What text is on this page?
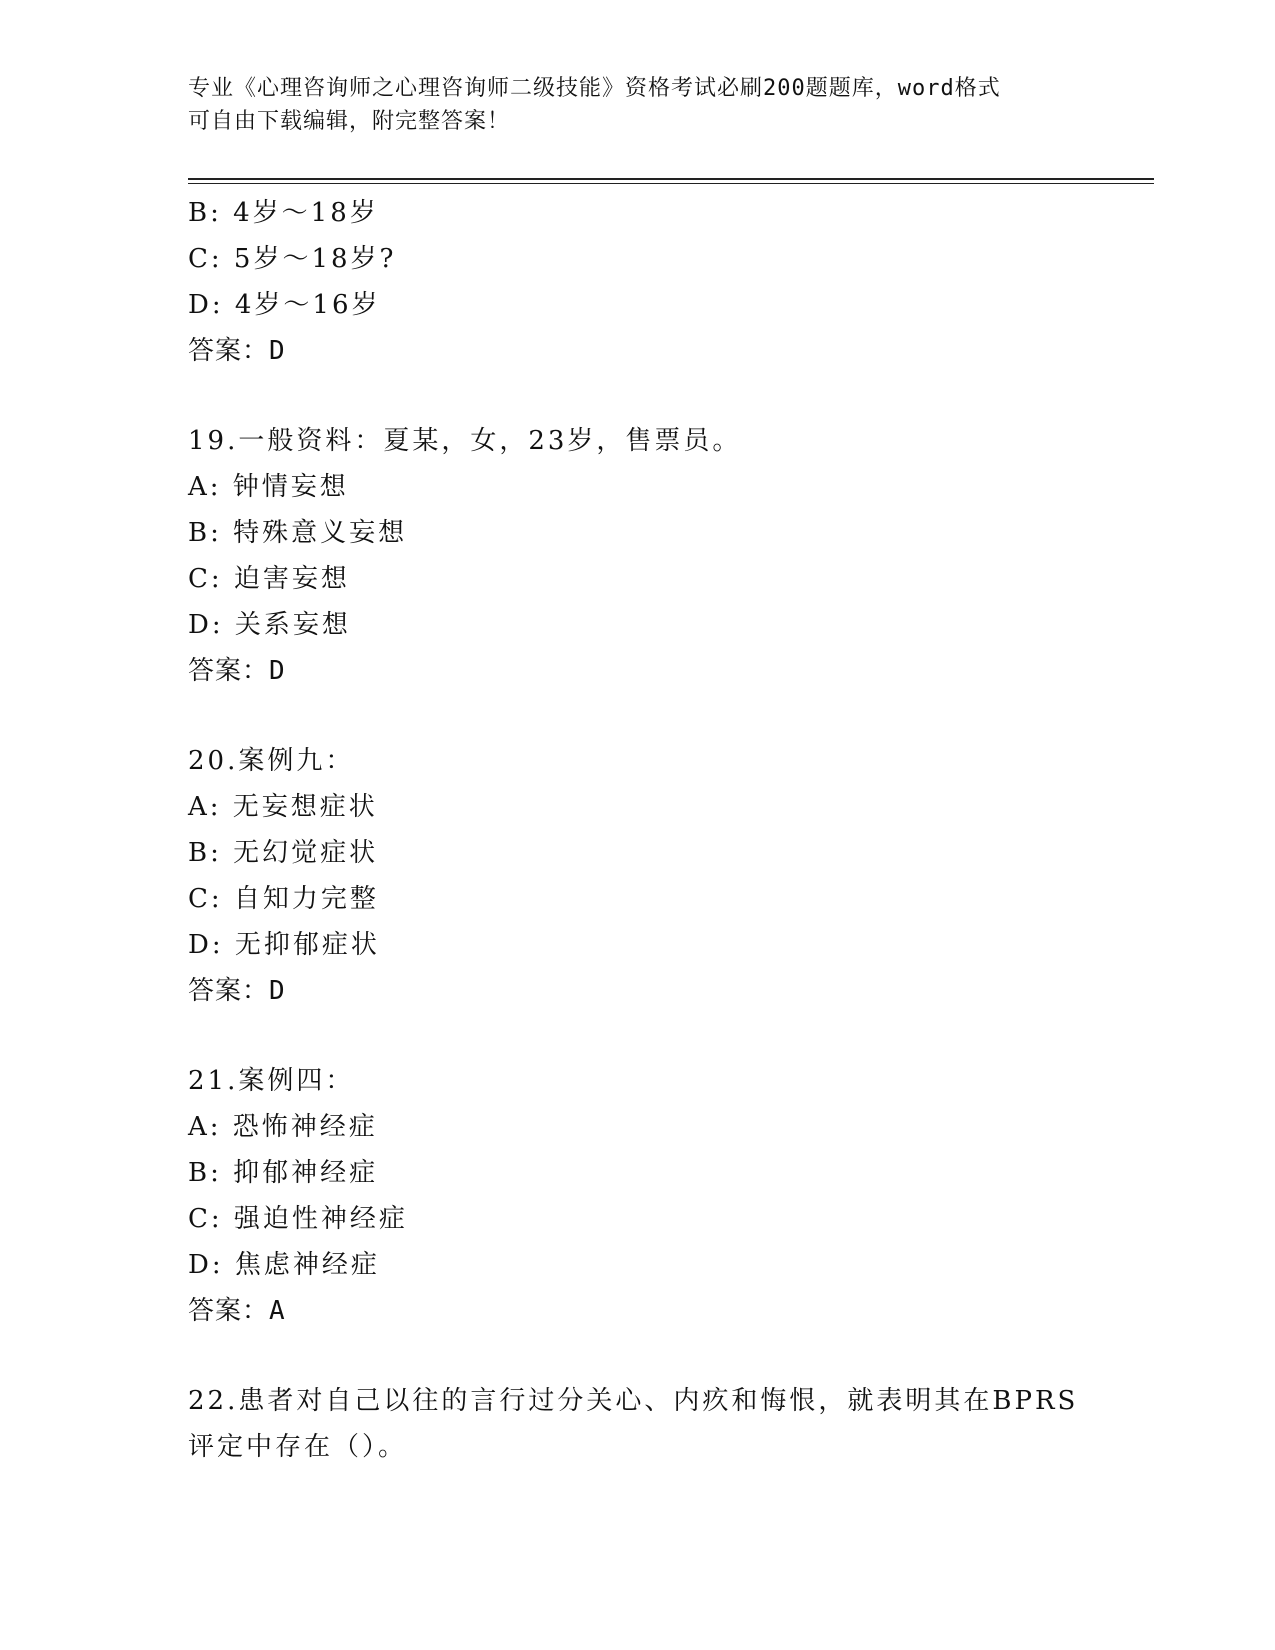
专业《心理咨询师之心理咨询师二级技能》资格考试必刷200题题库，word格式
可自由下载编辑，附完整答案！
B: 4岁～18岁
C: 5岁～18岁?
D: 4岁～16岁
答案：D
19.一般资料：夏某，女，23岁，售票员。
A: 钟情妄想
B: 特殊意义妄想
C: 迫害妄想
D: 关系妄想
答案：D
20.案例九：
A: 无妄想症状
B: 无幻觉症状
C: 自知力完整
D: 无抑郁症状
答案：D
21.案例四：
A: 恐怖神经症
B: 抑郁神经症
C: 强迫性神经症
D: 焦虑神经症
答案：A
22.患者对自己以往的言行过分关心、内疚和悔恨，就表明其在BPRS
评定中存在（）。
